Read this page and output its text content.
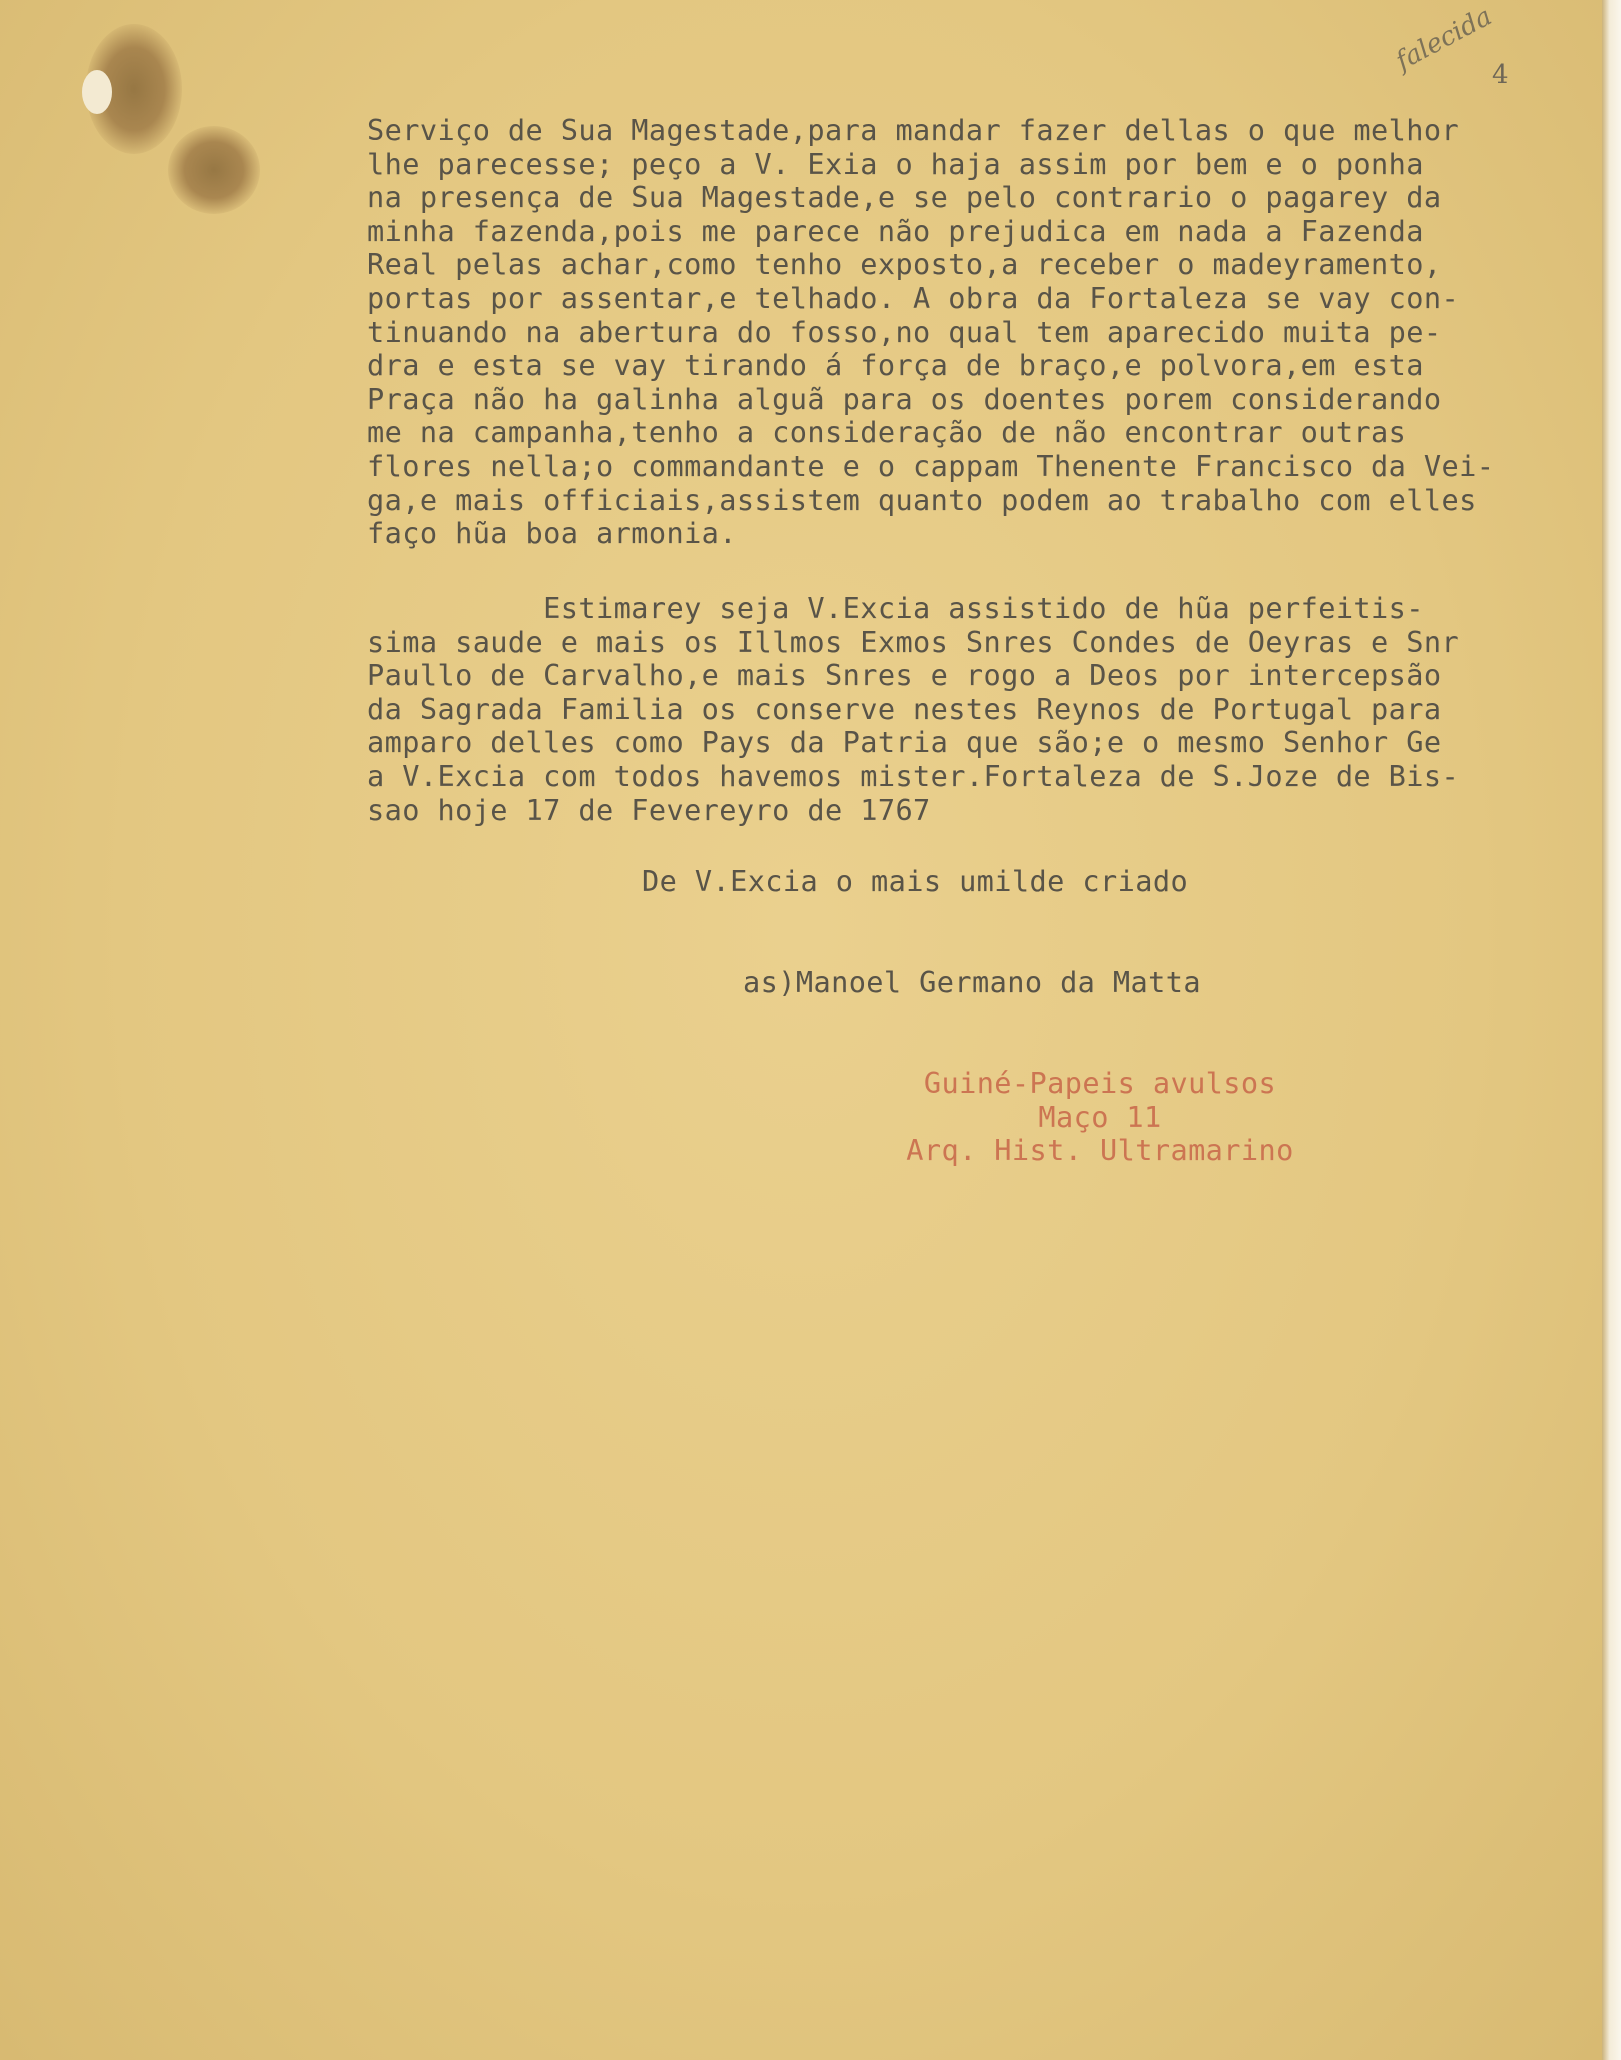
falecida
4

Serviço de Sua Magestade,para mandar fazer dellas o que melhor

lhe parecesse; peço a V. Exia o haja assim por bem e o ponha

na presença de Sua Magestade,e se pelo contrario o pagarey da

minha fazenda,pois me parece não prejudica em nada a Fazenda

Real pelas achar,como tenho exposto,a receber o madeyramento,

portas por assentar,e telhado. A obra da Fortaleza se vay con-

tinuando na abertura do fosso,no qual tem aparecido muita pe-

dra e esta se vay tirando á força de braço,e polvora,em esta

Praça não ha galinha alguã para os doentes porem considerando

me na campanha,tenho a consideração de não encontrar outras

flores nella;o commandante e o cappam Thenente Francisco da Vei-

ga,e mais officiais,assistem quanto podem ao trabalho com elles

faço hũa boa armonia.

Estimarey seja V.Excia assistido de hũa perfeitis-

sima saude e mais os Illmos Exmos Snres Condes de Oeyras e Snr

Paullo de Carvalho,e mais Snres e rogo a Deos por intercepsão

da Sagrada Familia os conserve nestes Reynos de Portugal para

amparo delles como Pays da Patria que são;e o mesmo Senhor Ge

a V.Excia com todos havemos mister.Fortaleza de S.Joze de Bis-

sao hoje 17 de Fevereyro de 1767

De V.Excia o mais umilde criado
as)Manoel Germano da Matta
Guiné-Papeis avulsos
Maço 11
Arq. Hist. Ultramarino
